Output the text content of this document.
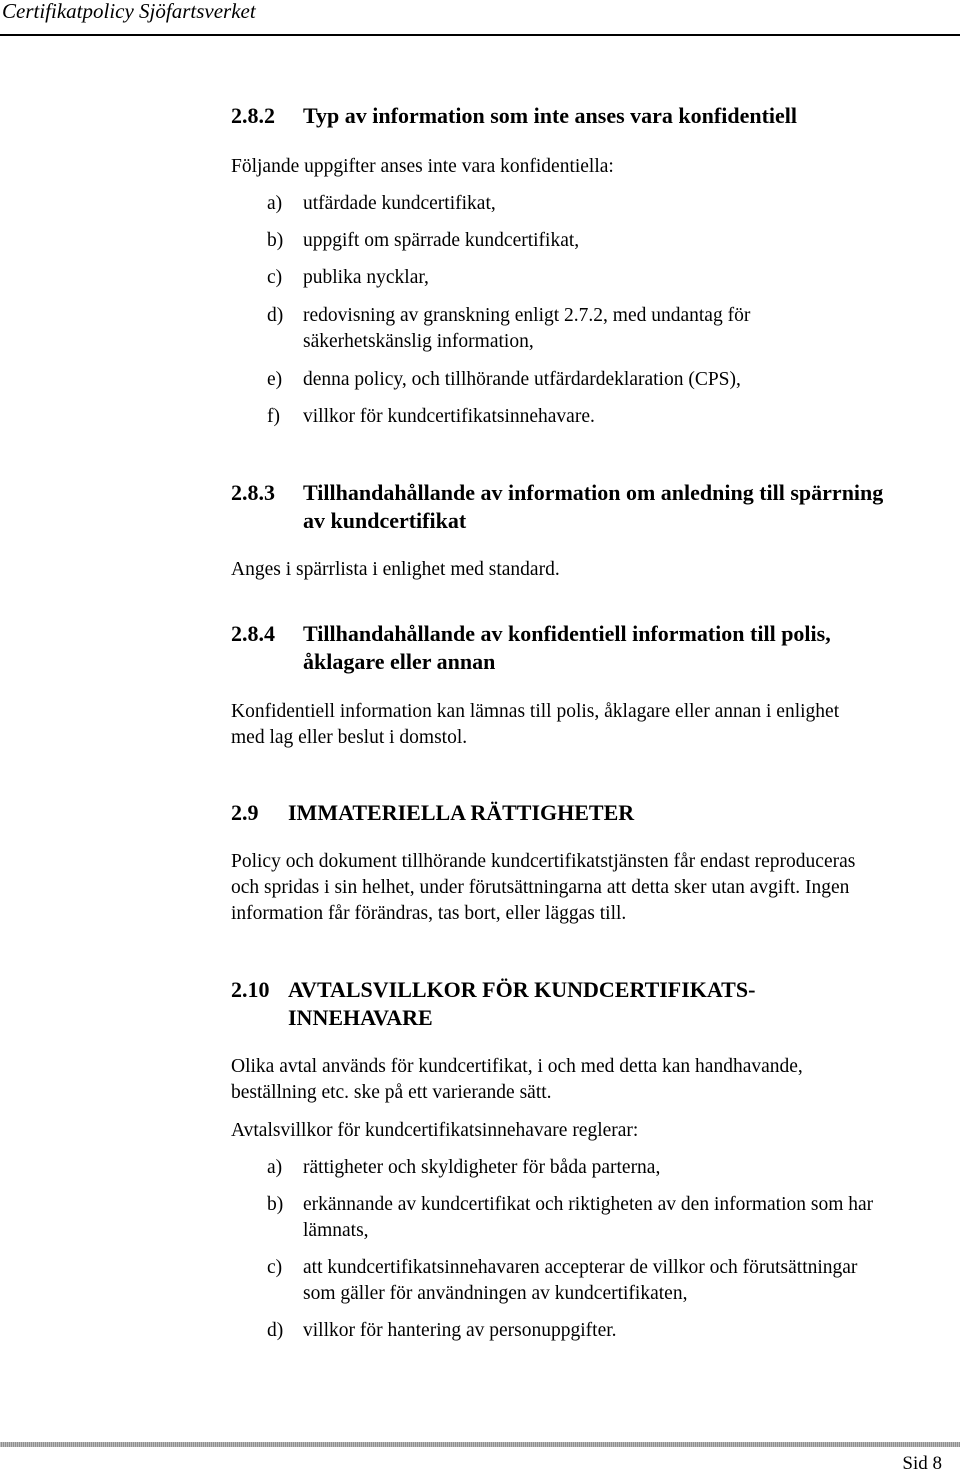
Certifikatpolicy Sjöfartsverket
2.8.2 Typ av information som inte anses vara konfidentiell
Följande uppgifter anses inte vara konfidentiella:
a) utfärdade kundcertifikat,
b) uppgift om spärrade kundcertifikat,
c) publika nycklar,
d) redovisning av granskning enligt 2.7.2, med undantag för
säkerhetskänslig information,
e) denna policy, och tillhörande utfärdardeklaration (CPS),
f) villkor för kundcertifikatsinnehavare.
2.8.3 Tillhandahållande av information om anledning till spärrning
av kundcertifikat
Anges i spärrlista i enlighet med standard.
2.8.4 Tillhandahållande av konfidentiell information till polis,
åklagare eller annan
Konfidentiell information kan lämnas till polis, åklagare eller annan i enlighet
med lag eller beslut i domstol.
2.9 IMMATERIELLA RÄTTIGHETER
Policy och dokument tillhörande kundcertifikatstjänsten får endast reproduceras
och spridas i sin helhet, under förutsättningarna att detta sker utan avgift. Ingen
information får förändras, tas bort, eller läggas till.
2.10 AVTALSVILLKOR FÖR KUNDCERTIFIKATS-
INNEHAVARE
Olika avtal används för kundcertifikat, i och med detta kan handhavande,
beställning etc. ske på ett varierande sätt.
Avtalsvillkor för kundcertifikatsinnehavare reglerar:
a) rättigheter och skyldigheter för båda parterna,
b) erkännande av kundcertifikat och riktigheten av den information som har
lämnats,
c) att kundcertifikatsinnehavaren accepterar de villkor och förutsättningar
som gäller för användningen av kundcertifikaten,
d) villkor för hantering av personuppgifter.
Sid 8
